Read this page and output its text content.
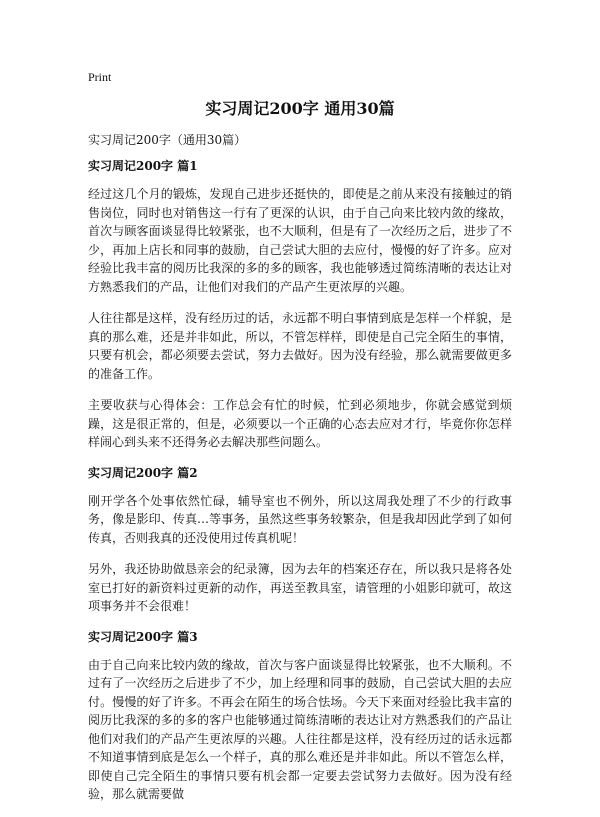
Print
实习周记200字 通用30篇
实习周记200字（通用30篇）
实习周记200字 篇1

经过这几个月的锻炼，发现自己进步还挺快的，即使是之前从来没有接触过的销售岗位，同时也对销售这一行有了更深的认识，由于自己向来比较内敛的缘故，首次与顾客面谈显得比较紧张，也不大顺利，但是有了一次经历之后，进步了不少，再加上店长和同事的鼓励，自己尝试大胆的去应付，慢慢的好了许多。应对经验比我丰富的阅历比我深的多的多的顾客，我也能够透过简练清晰的表达让对方熟悉我们的产品，让他们对我们的产品产生更浓厚的兴趣。

人往往都是这样，没有经历过的话，永远都不明白事情到底是怎样一个样貌，是真的那么难，还是并非如此，所以，不管怎样样，即使是自己完全陌生的事情，只要有机会，都必须要去尝试，努力去做好。因为没有经验，那么就需要做更多的准备工作。

主要收获与心得体会：工作总会有忙的时候，忙到必须地步，你就会感觉到烦躁，这是很正常的，但是，必须要以一个正确的心态去应对才行，毕竟你你怎样样闹心到头来不还得务必去解决那些问题么。

实习周记200字 篇2

刚开学各个处事依然忙碌，辅导室也不例外，所以这周我处理了不少的行政事务，像是影印、传真…等事务，虽然这些事务较繁杂，但是我却因此学到了如何传真，否则我真的还没使用过传真机呢！

另外，我还协助做恳亲会的纪录簿，因为去年的档案还存在，所以我只是将各处室已打好的新资料过更新的动作，再送至教具室，请管理的小姐影印就可，故这项事务并不会很难！

实习周记200字 篇3

由于自己向来比较内敛的缘故，首次与客户面谈显得比较紧张，也不大顺利。不过有了一次经历之后进步了不少，加上经理和同事的鼓励，自己尝试大胆的去应付。慢慢的好了许多。不再会在陌生的场合怯场。今天下来面对经验比我丰富的阅历比我深的多的多的客户也能够通过简练清晰的表达让对方熟悉我们的产品让他们对我们的产品产生更浓厚的兴趣。人往往都是这样，没有经历过的话永远都不知道事情到底是怎么一个样子，真的那么难还是并非如此。所以不管怎么样，即使自己完全陌生的事情只要有机会都一定要去尝试努力去做好。因为没有经验，那么就需要做
